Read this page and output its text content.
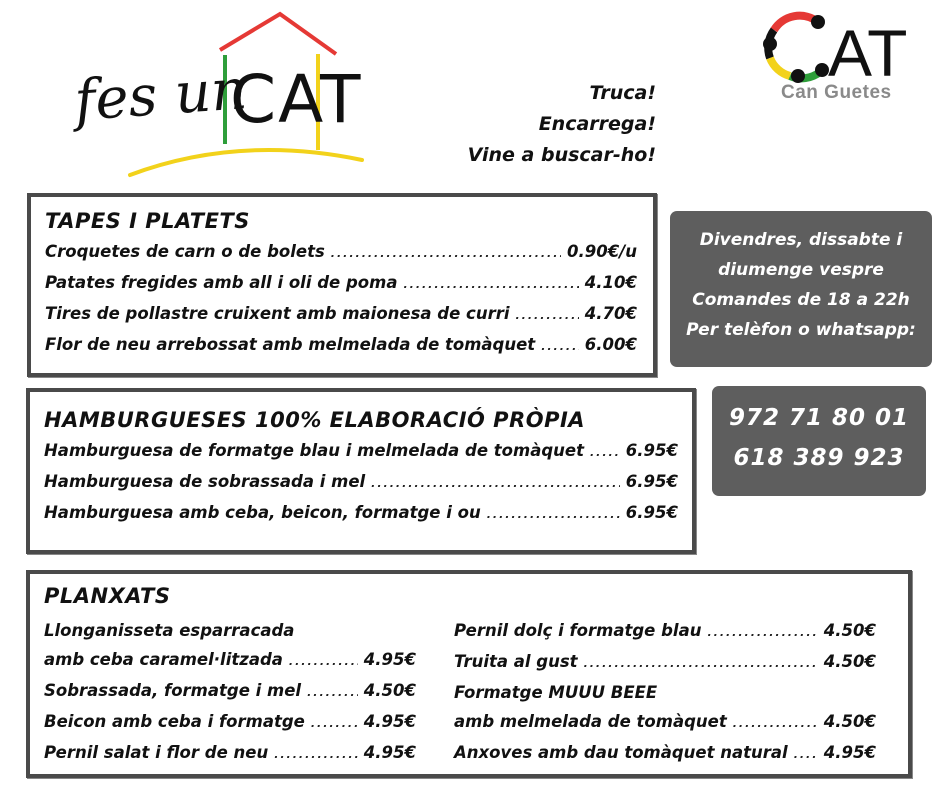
fes un
CAT
AT
Can Guetes
Truca!
Encarrega!
Vine a buscar-ho!
TAPES I PLATETS
Croquetes de carn o de bolets .....	0.90€/u
Patates fregides amb all i oli de poma .....	4.10€
Tires de pollastre cruixent amb maionesa de curri .....	4.70€
Flor de neu arrebossat amb melmelada de tomàquet .....	6.00€
Divendres, dissabte i
diumenge vespre
Comandes de 18 a 22h
Per telèfon o whatsapp:
HAMBURGUESES 100% ELABORACIÓ PRÒPIA
Hamburguesa de formatge blau i melmelada de tomàquet .....	6.95€
Hamburguesa de sobrassada i mel .....	6.95€
Hamburguesa amb ceba, beicon, formatge i ou .....	6.95€
972 71 80 01
618 389 923
PLANXATS
Llonganisseta esparracada
amb ceba caramel·litzada .....	4.95€
Sobrassada, formatge i mel .....	4.50€
Beicon amb ceba i formatge .....	4.95€
Pernil salat i flor de neu .....	4.95€
Pernil dolç i formatge blau .....	4.50€
Truita al gust .....	4.50€
Formatge MUUU BEEE
amb melmelada de tomàquet .....	4.50€
Anxoves amb dau tomàquet natural ..... 4.95€
